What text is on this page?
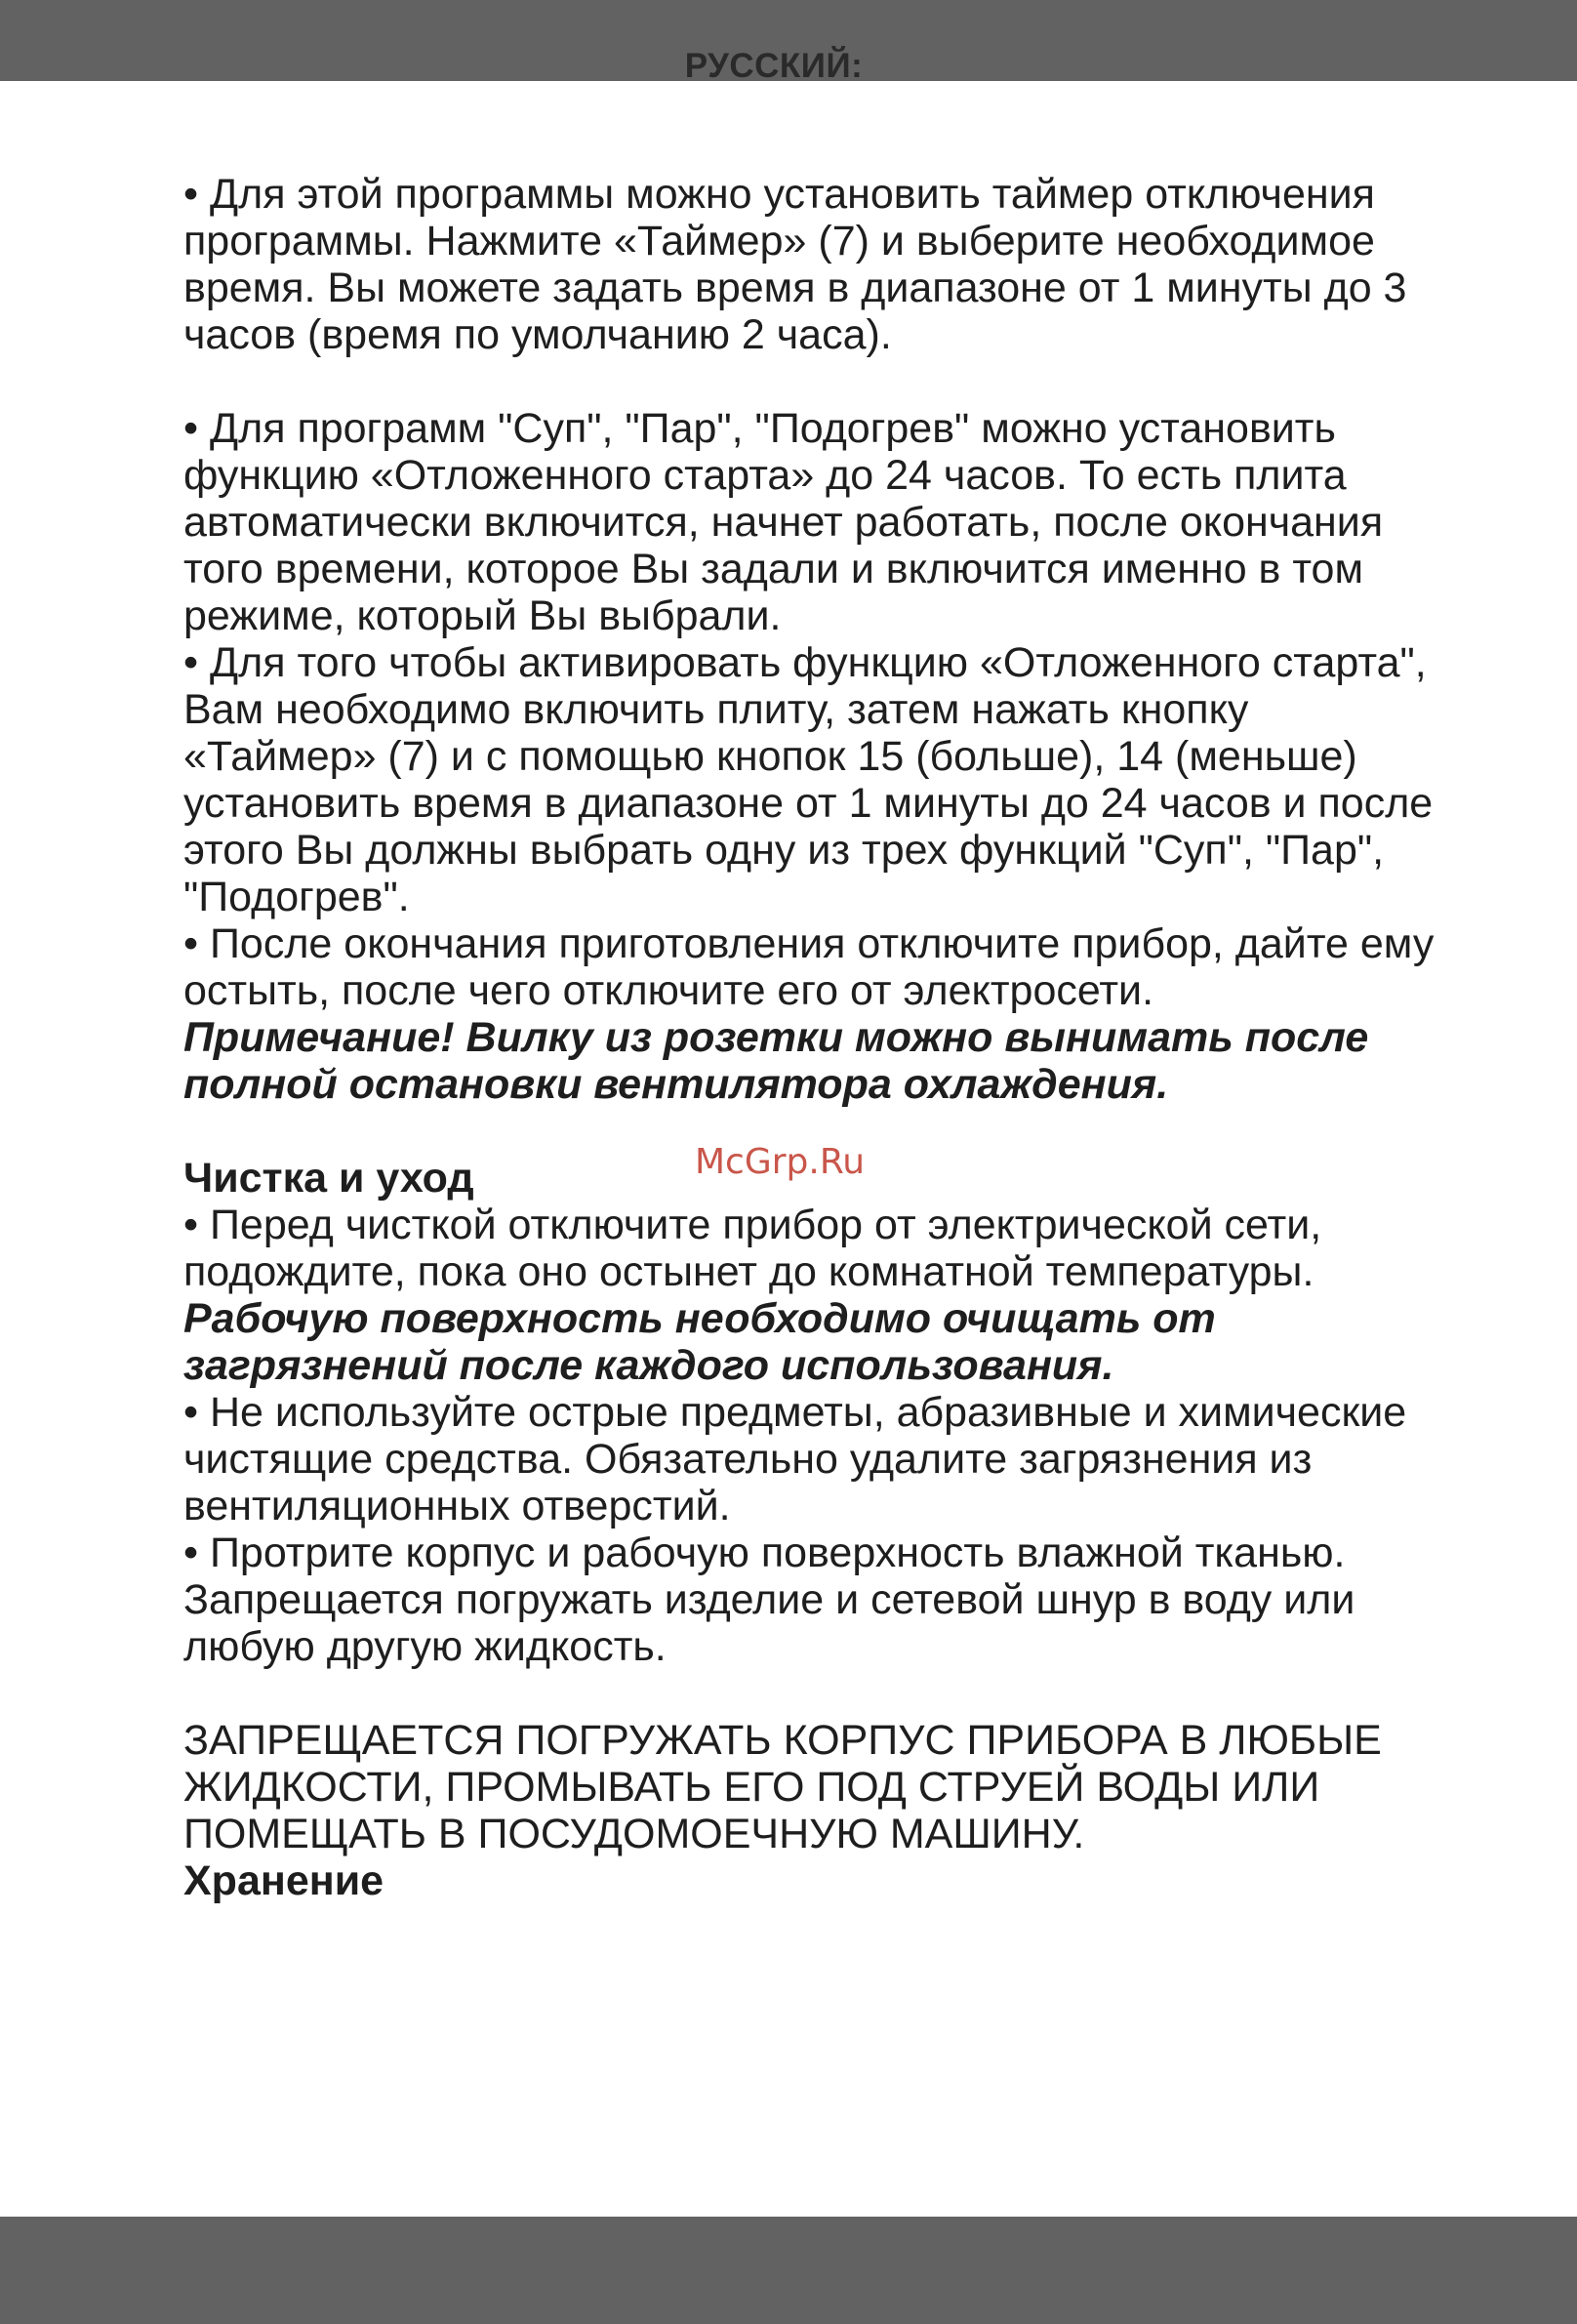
РУССКИЙ:

• Для этой программы можно установить таймер отключения программы. Нажмите «Таймер» (7) и выберите необходимое время. Вы можете задать время в диапазоне от 1 минуты до 3 часов (время по умолчанию 2 часа).

• Для программ "Суп", "Пар", "Подогрев" можно установить функцию «Отложенного старта» до 24 часов. То есть плита автоматически включится, начнет работать, после окончания того времени, которое Вы задали и включится именно в том режиме, который Вы выбрали.

• Для того чтобы активировать функцию «Отложенного старта", Вам необходимо включить плиту, затем нажать кнопку «Таймер» (7) и с помощью кнопок 15 (больше), 14 (меньше) установить время в диапазоне от 1 минуты до 24 часов и после этого Вы должны выбрать одну из трех функций "Суп", "Пар", "Подогрев".

• После окончания приготовления отключите прибор, дайте ему остыть, после чего отключите его от электросети.

Примечание! Вилку из розетки можно вынимать после полной остановки вентилятора охлаждения.

Чистка и уход

• Перед чисткой отключите прибор от электрической сети, подождите, пока оно остынет до комнатной температуры.

Рабочую поверхность необходимо очищать от загрязнений после каждого использования.

• Не используйте острые предметы, абразивные и химические чистящие средства. Обязательно удалите загрязнения из вентиляционных отверстий.

• Протрите корпус и рабочую поверхность влажной тканью. Запрещается погружать изделие и сетевой шнур в воду или любую другую жидкость.

ЗАПРЕЩАЕТСЯ ПОГРУЖАТЬ КОРПУС ПРИБОРА В ЛЮБЫЕ ЖИДКОСТИ, ПРОМЫВАТЬ ЕГО ПОД СТРУЕЙ ВОДЫ ИЛИ ПОМЕЩАТЬ В ПОСУДОМОЕЧНУЮ МАШИНУ.

Хранение

McGrp.Ru
